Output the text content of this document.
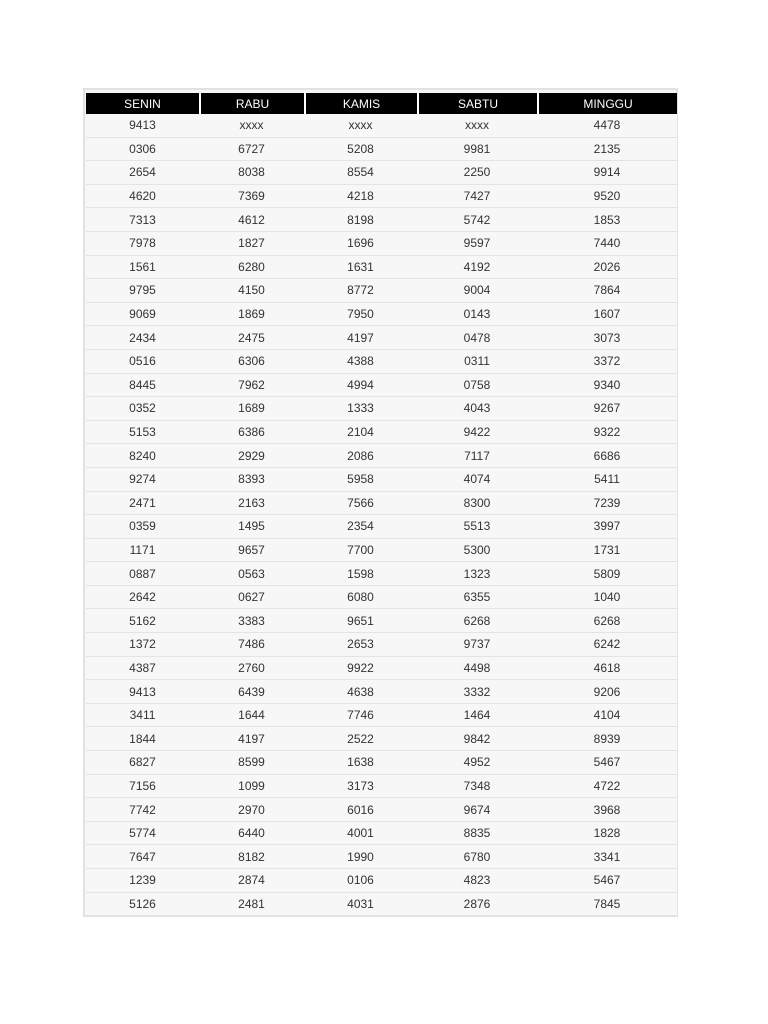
SENIN	RABU	KAMIS	SABTU	MINGGU
9413	xxxx	xxxx	xxxx	4478
0306	6727	5208	9981	2135
2654	8038	8554	2250	9914
4620	7369	4218	7427	9520
7313	4612	8198	5742	1853
7978	1827	1696	9597	7440
1561	6280	1631	4192	2026
9795	4150	8772	9004	7864
9069	1869	7950	0143	1607
2434	2475	4197	0478	3073
0516	6306	4388	0311	3372
8445	7962	4994	0758	9340
0352	1689	1333	4043	9267
5153	6386	2104	9422	9322
8240	2929	2086	7117	6686
9274	8393	5958	4074	5411
2471	2163	7566	8300	7239
0359	1495	2354	5513	3997
1171	9657	7700	5300	1731
0887	0563	1598	1323	5809
2642	0627	6080	6355	1040
5162	3383	9651	6268	6268
1372	7486	2653	9737	6242
4387	2760	9922	4498	4618
9413	6439	4638	3332	9206
3411	1644	7746	1464	4104
1844	4197	2522	9842	8939
6827	8599	1638	4952	5467
7156	1099	3173	7348	4722
7742	2970	6016	9674	3968
5774	6440	4001	8835	1828
7647	8182	1990	6780	3341
1239	2874	0106	4823	5467
5126	2481	4031	2876	7845
